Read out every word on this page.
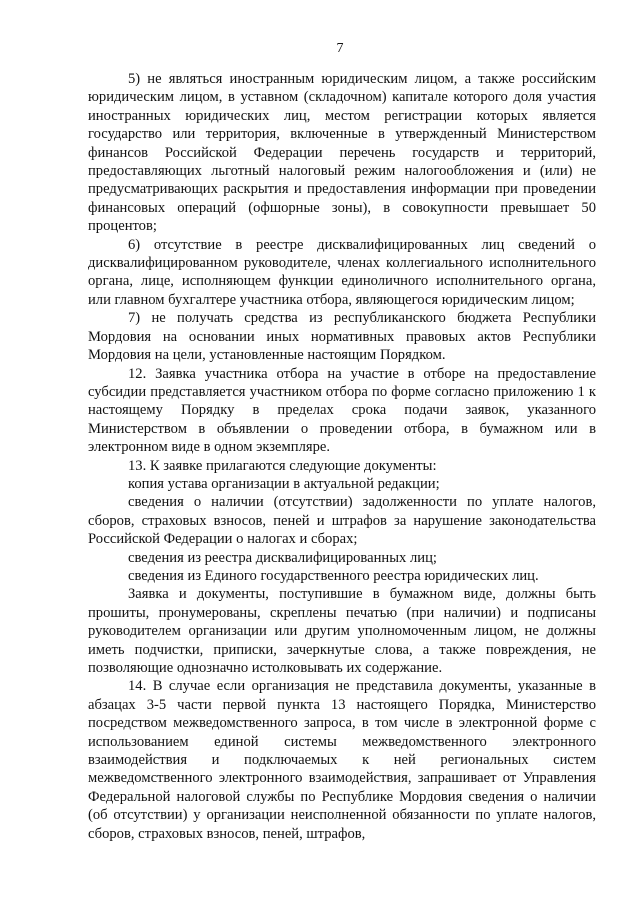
7

5) не являться иностранным юридическим лицом, а также российским юридическим лицом, в уставном (складочном) капитале которого доля участия иностранных юридических лиц, местом регистрации которых является государство или территория, включенные в утвержденный Министерством финансов Российской Федерации перечень государств и территорий, предоставляющих льготный налоговый режим налогообложения и (или) не предусматривающих раскрытия и предоставления информации при проведении финансовых операций (офшорные зоны), в совокупности превышает 50 процентов;

6) отсутствие в реестре дисквалифицированных лиц сведений о дисквалифицированном руководителе, членах коллегиального исполнительного органа, лице, исполняющем функции единоличного исполнительного органа, или главном бухгалтере участника отбора, являющегося юридическим лицом;

7) не получать средства из республиканского бюджета Республики Мордовия на основании иных нормативных правовых актов Республики Мордовия на цели, установленные настоящим Порядком.

12. Заявка участника отбора на участие в отборе на предоставление субсидии представляется участником отбора по форме согласно приложению 1 к настоящему Порядку в пределах срока подачи заявок, указанного Министерством в объявлении о проведении отбора, в бумажном или в электронном виде в одном экземпляре.

13. К заявке прилагаются следующие документы:

копия устава организации в актуальной редакции;

сведения о наличии (отсутствии) задолженности по уплате налогов, сборов, страховых взносов, пеней и штрафов за нарушение законодательства Российской Федерации о налогах и сборах;

сведения из реестра дисквалифицированных лиц;

сведения из Единого государственного реестра юридических лиц.

Заявка и документы, поступившие в бумажном виде, должны быть прошиты, пронумерованы, скреплены печатью (при наличии) и подписаны руководителем организации или другим уполномоченным лицом, не должны иметь подчистки, приписки, зачеркнутые слова, а также повреждения, не позволяющие однозначно истолковывать их содержание.

14. В случае если организация не представила документы, указанные в абзацах 3-5 части первой пункта 13 настоящего Порядка, Министерство посредством межведомственного запроса, в том числе в электронной форме с использованием единой системы межведомственного электронного взаимодействия и подключаемых к ней региональных систем межведомственного электронного взаимодействия, запрашивает от Управления Федеральной налоговой службы по Республике Мордовия сведения о наличии (об отсутствии) у организации неисполненной обязанности по уплате налогов, сборов, страховых взносов, пеней, штрафов,
